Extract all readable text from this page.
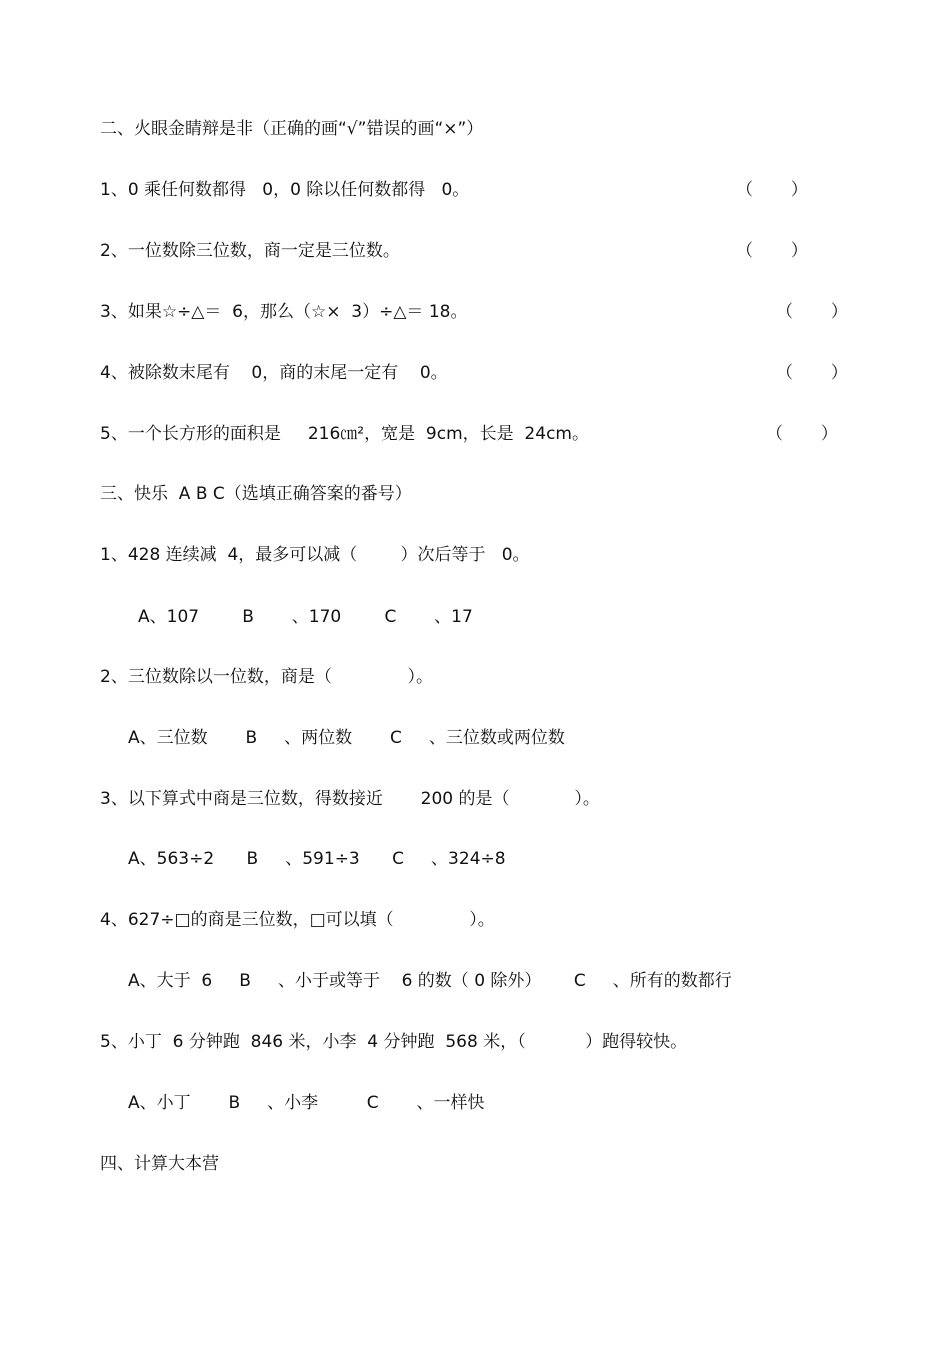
二、火眼金睛辩是非（正确的画“√”错误的画“×”）
1、0 乘任何数都得   0，0 除以任何数都得   0。	（       ）
2、一位数除三位数，商一定是三位数。	（       ）
3、如果☆÷△＝  6，那么（☆×  3）÷△＝ 18。	（       ）
4、被除数末尾有    0，商的末尾一定有    0。	（       ）
5、一个长方形的面积是     216㎝²，宽是  9cm，长是  24cm。	（       ）
三、快乐  A B C（选填正确答案的番号）
1、428 连续减  4，最多可以减（        ）次后等于   0。
A、107        B       、170        C       、17
2、三位数除以一位数，商是（              ）。
A、三位数       B     、两位数       C     、三位数或两位数
3、以下算式中商是三位数，得数接近       200 的是（            ）。
A、563÷2      B     、591÷3      C     、324÷8
4、627÷□的商是三位数，□可以填（              ）。
A、大于  6     B     、小于或等于    6 的数（ 0 除外）      C     、所有的数都行
5、小丁  6 分钟跑  846 米，小李  4 分钟跑  568 米，（           ）跑得较快。
A、小丁       B     、小李         C       、一样快
四、计算大本营
